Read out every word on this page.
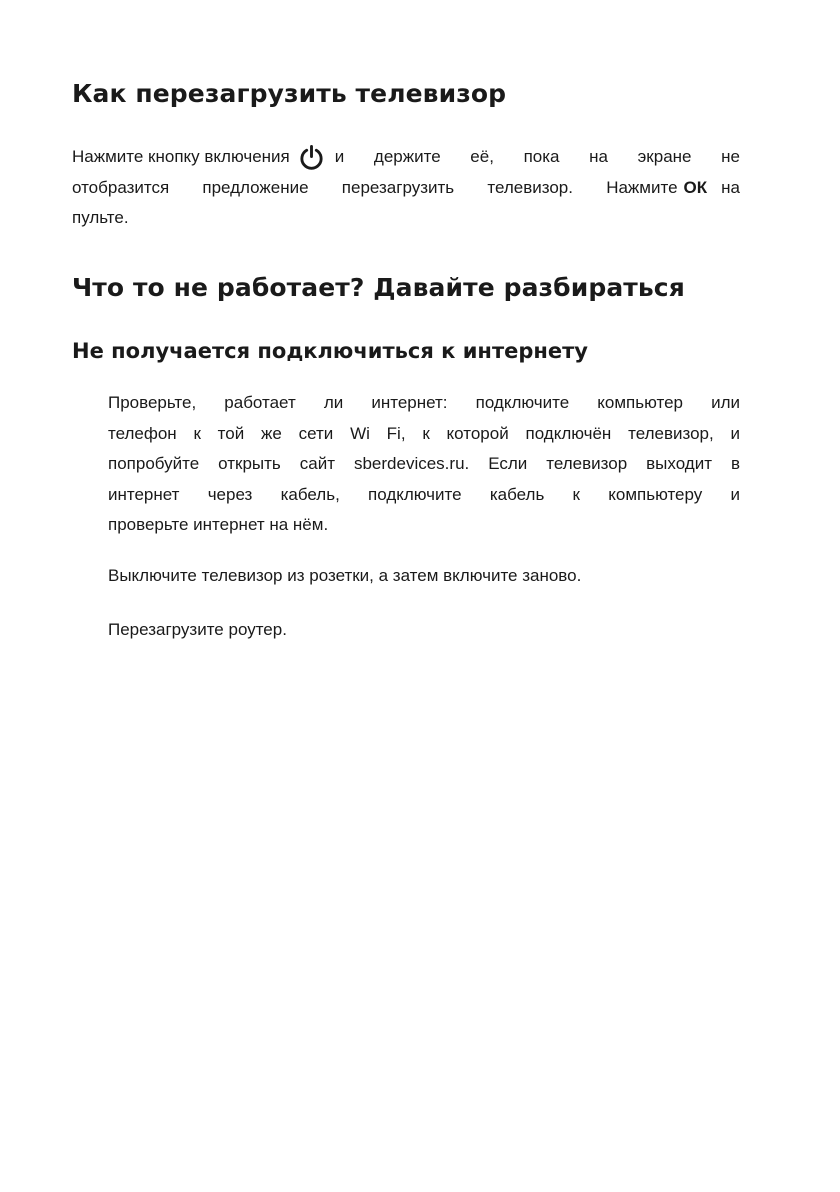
Как перезагрузить телевизор
Нажмите кнопку включения	и держите её, пока на экране не
отобразится предложение перезагрузить телевизор. Нажмите ОК на
пульте.
Что то не работает? Давайте разбираться
Не получается подключиться к интернету
Проверьте, работает ли интернет: подключите компьютер или
телефон к той же сети Wi Fi, к которой подключён телевизор, и
попробуйте открыть сайт sberdevices.ru. Если телевизор выходит в
интернет через кабель, подключите кабель к компьютеру и
проверьте интернет на нём.
Выключите телевизор из розетки, а затем включите заново.
Перезагрузите роутер.
